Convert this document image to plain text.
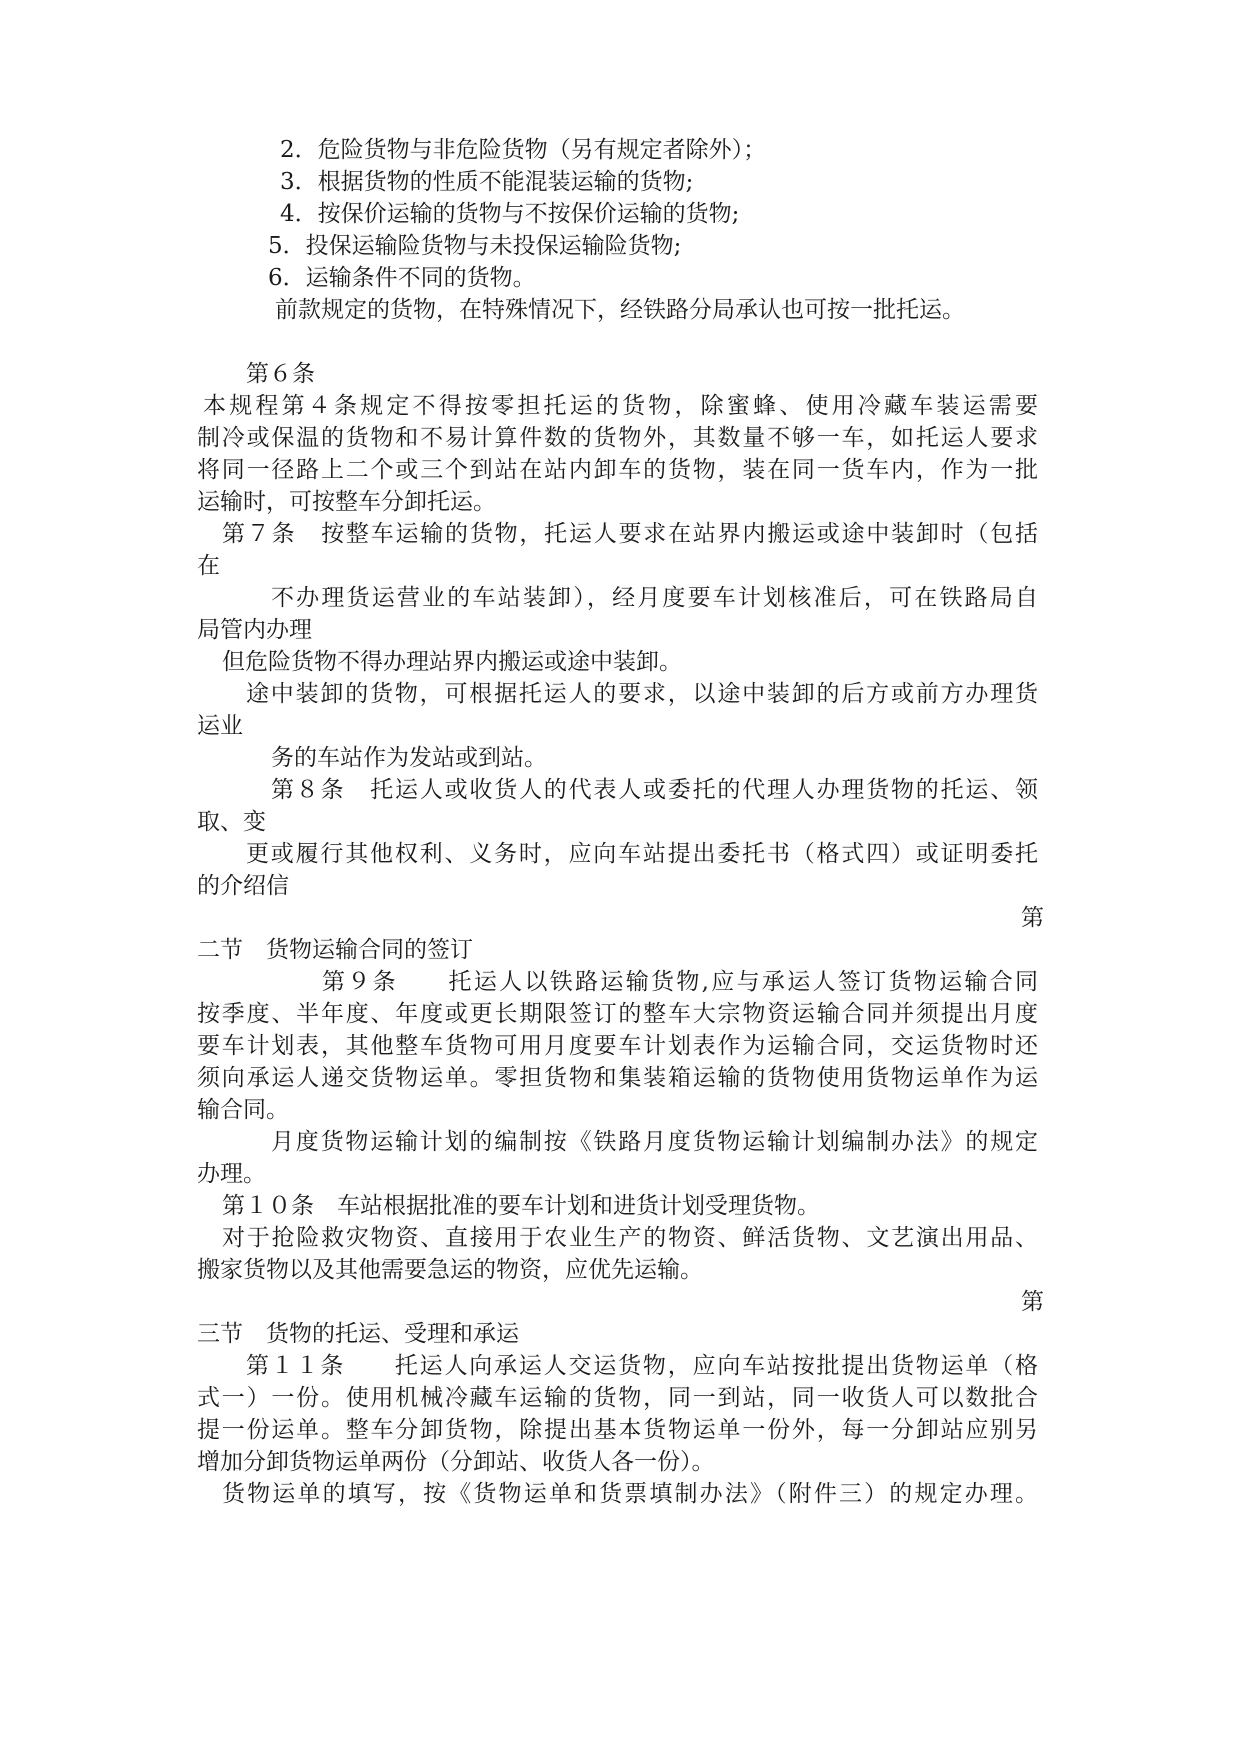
2．危险货物与非危险货物（另有规定者除外）；

3．根据货物的性质不能混装运输的货物;

4．按保价运输的货物与不按保价运输的货物;

5．投保运输险货物与未投保运输险货物;

6．运输条件不同的货物。

前款规定的货物，在特殊情况下，经铁路分局承认也可按一批托运。

第６条

本规程第４条规定不得按零担托运的货物，除蜜蜂、使用冷藏车装运需要

制冷或保温的货物和不易计算件数的货物外，其数量不够一车，如托运人要求

将同一径路上二个或三个到站在站内卸车的货物，装在同一货车内，作为一批

运输时，可按整车分卸托运。

第７条　按整车运输的货物，托运人要求在站界内搬运或途中装卸时（包括

在

不办理货运营业的车站装卸），经月度要车计划核准后，可在铁路局自

局管内办理

但危险货物不得办理站界内搬运或途中装卸。

途中装卸的货物，可根据托运人的要求，以途中装卸的后方或前方办理货

运业

务的车站作为发站或到站。

第８条　托运人或收货人的代表人或委托的代理人办理货物的托运、领

取、变

更或履行其他权利、义务时，应向车站提出委托书（格式四）或证明委托

的介绍信

第

二节　货物运输合同的签订

第９条　　托运人以铁路运输货物,应与承运人签订货物运输合同

按季度、半年度、年度或更长期限签订的整车大宗物资运输合同并须提出月度

要车计划表，其他整车货物可用月度要车计划表作为运输合同，交运货物时还

须向承运人递交货物运单。零担货物和集装箱运输的货物使用货物运单作为运

输合同。

月度货物运输计划的编制按《铁路月度货物运输计划编制办法》的规定

办理。

第１０条　车站根据批准的要车计划和进货计划受理货物。

对于抢险救灾物资、直接用于农业生产的物资、鲜活货物、文艺演出用品、

搬家货物以及其他需要急运的物资，应优先运输。

第

三节　货物的托运、受理和承运

第１１条　　托运人向承运人交运货物，应向车站按批提出货物运单（格

式一）一份。使用机械冷藏车运输的货物，同一到站，同一收货人可以数批合

提一份运单。整车分卸货物，除提出基本货物运单一份外，每一分卸站应别另

增加分卸货物运单两份（分卸站、收货人各一份）。

货物运单的填写，按《货物运单和货票填制办法》（附件三）的规定办理。
